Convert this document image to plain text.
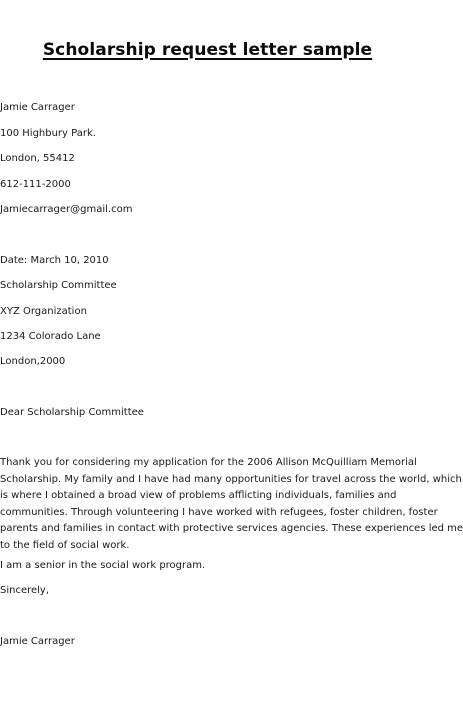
Scholarship request letter sample
Jamie Carrager
100 Highbury Park.
London, 55412
612-111-2000
Jamiecarrager@gmail.com
Date: March 10, 2010
Scholarship Committee
XYZ Organization
1234 Colorado Lane
London,2000
Dear Scholarship Committee
Thank you for considering my application for the 2006 Allison McQuilliam Memorial
Scholarship. My family and I have had many opportunities for travel across the world, which
is where I obtained a broad view of problems afflicting individuals, families and
communities. Through volunteering I have worked with refugees, foster children, foster
parents and families in contact with protective services agencies. These experiences led me
to the field of social work.
I am a senior in the social work program.
Sincerely,
Jamie Carrager
